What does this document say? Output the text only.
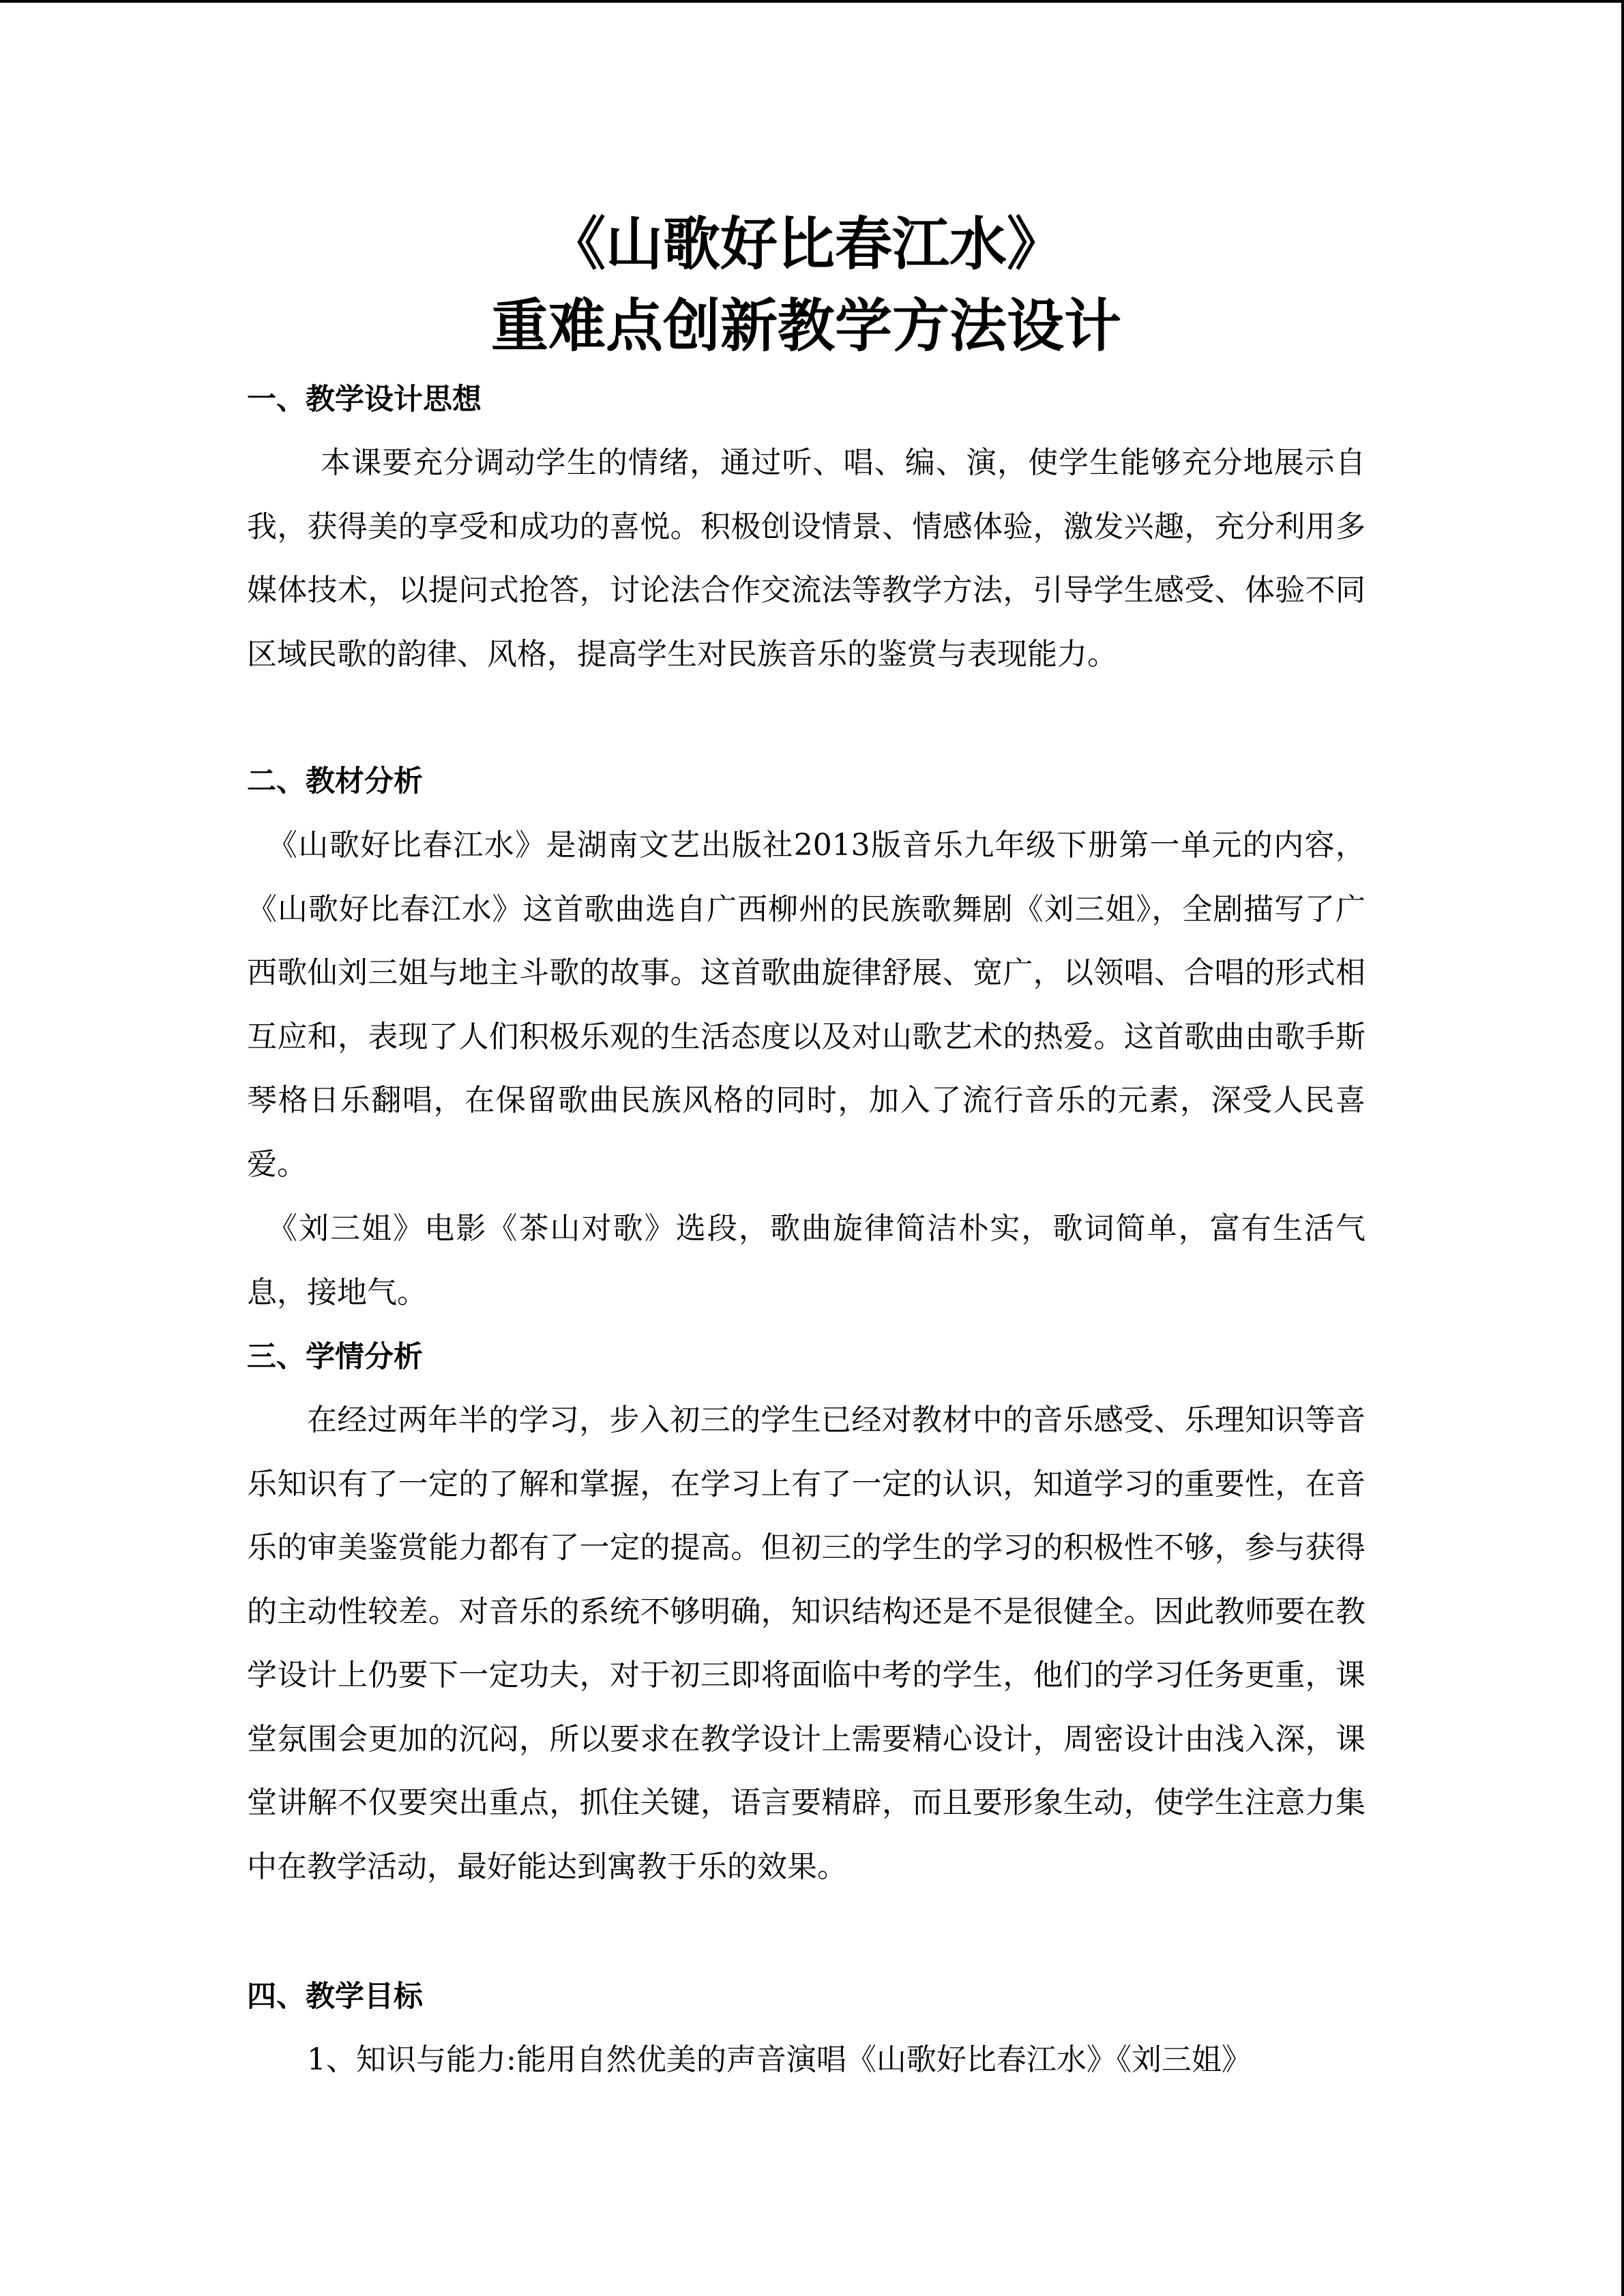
《山歌好比春江水》
重难点创新教学方法设计
一、教学设计思想
本课要充分调动学生的情绪，通过听、唱、编、演，使学生能够充分地展示自我，获得美的享受和成功的喜悦。积极创设情景、情感体验，激发兴趣，充分利用多媒体技术，以提问式抢答，讨论法合作交流法等教学方法，引导学生感受、体验不同区域民歌的韵律、风格，提高学生对民族音乐的鉴赏与表现能力。
二、教材分析
《山歌好比春江水》是湖南文艺出版社2013版音乐九年级下册第一单元的内容，《山歌好比春江水》这首歌曲选自广西柳州的民族歌舞剧《刘三姐》，全剧描写了广西歌仙刘三姐与地主斗歌的故事。这首歌曲旋律舒展、宽广，以领唱、合唱的形式相互应和，表现了人们积极乐观的生活态度以及对山歌艺术的热爱。这首歌曲由歌手斯琴格日乐翻唱，在保留歌曲民族风格的同时，加入了流行音乐的元素，深受人民喜爱。
《刘三姐》电影《茶山对歌》选段，歌曲旋律简洁朴实，歌词简单，富有生活气息，接地气。
三、学情分析
在经过两年半的学习，步入初三的学生已经对教材中的音乐感受、乐理知识等音乐知识有了一定的了解和掌握，在学习上有了一定的认识，知道学习的重要性，在音乐的审美鉴赏能力都有了一定的提高。但初三的学生的学习的积极性不够，参与获得的主动性较差。对音乐的系统不够明确，知识结构还是不是很健全。因此教师要在教学设计上仍要下一定功夫，对于初三即将面临中考的学生，他们的学习任务更重，课堂氛围会更加的沉闷，所以要求在教学设计上需要精心设计，周密设计由浅入深，课堂讲解不仅要突出重点，抓住关键，语言要精辟，而且要形象生动，使学生注意力集中在教学活动，最好能达到寓教于乐的效果。
四、教学目标
1、知识与能力:能用自然优美的声音演唱《山歌好比春江水》《刘三姐》
